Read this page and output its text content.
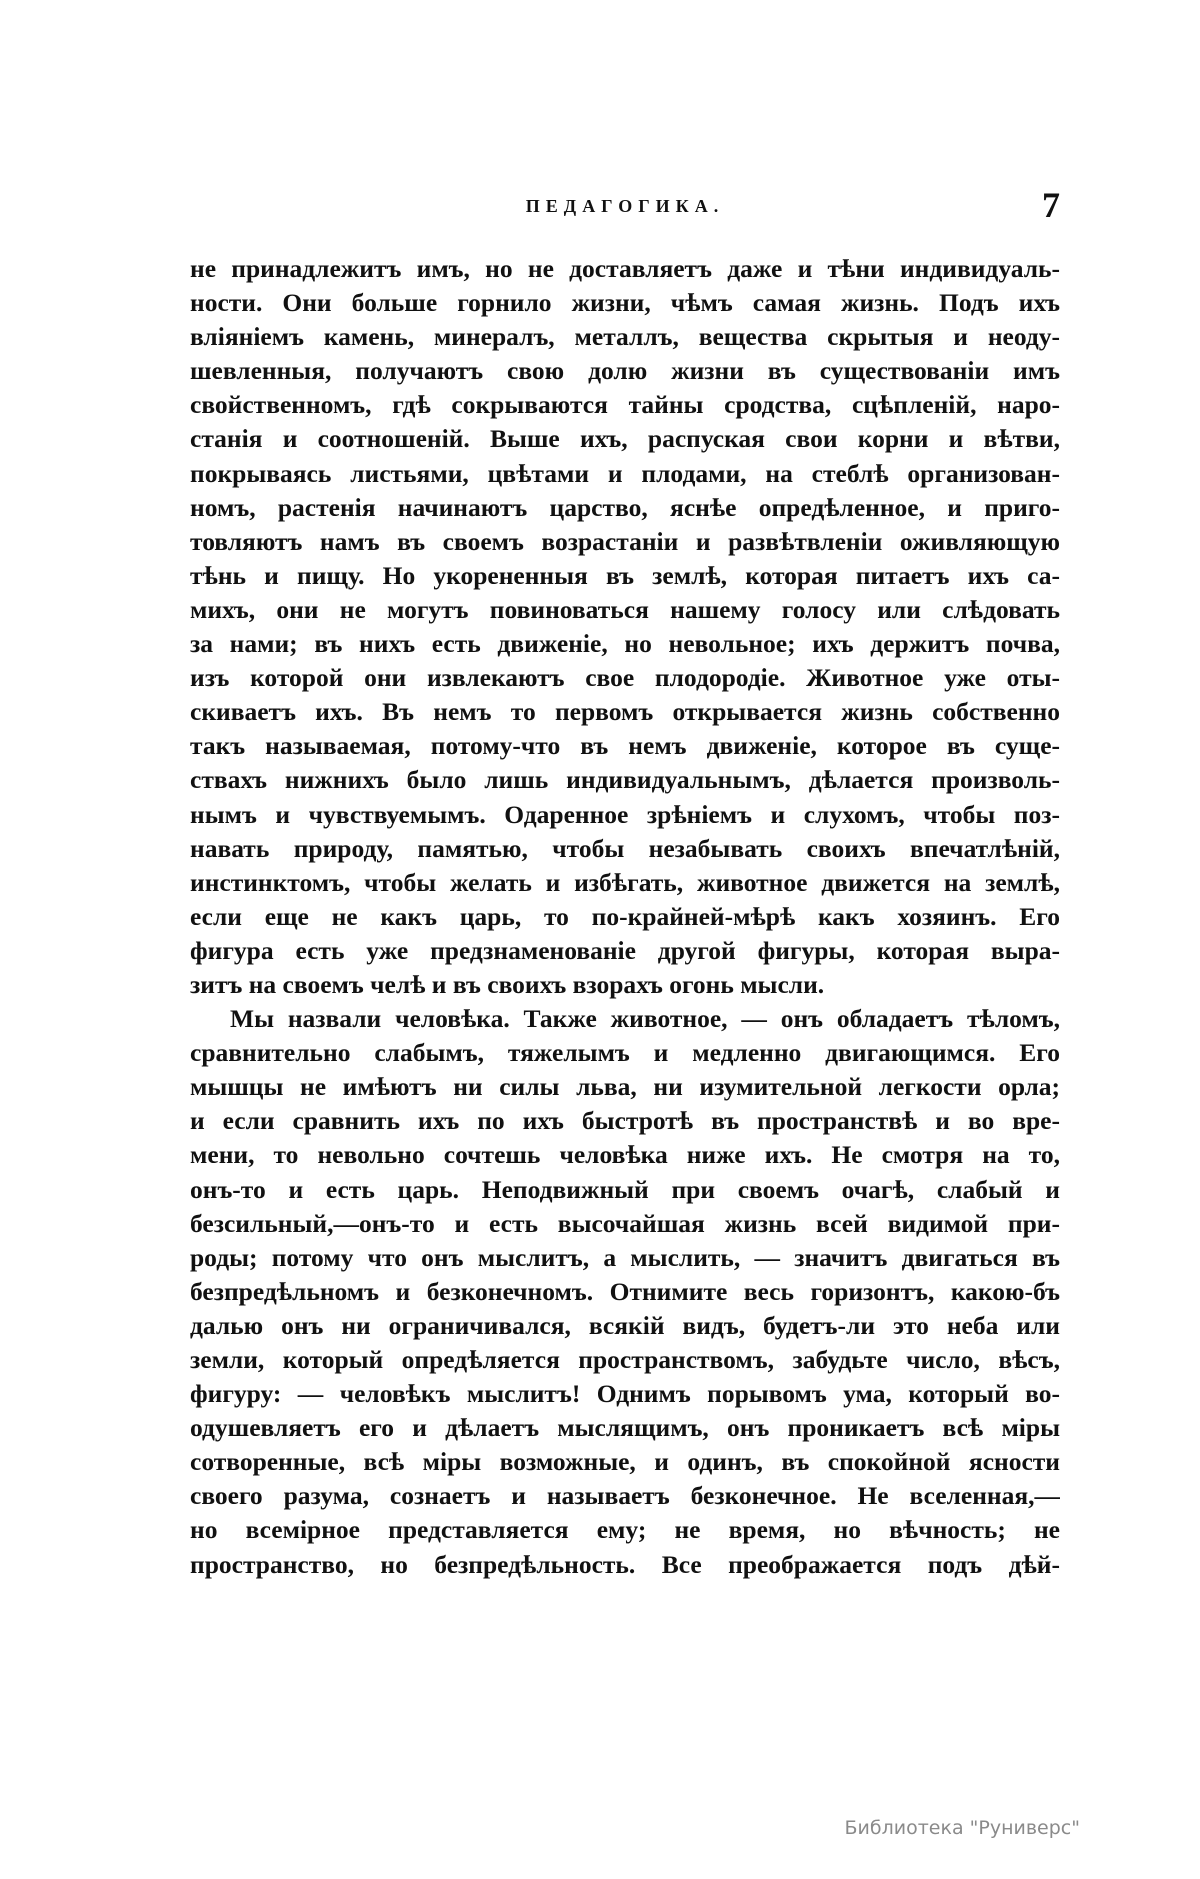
ПЕДАГОГИКА.	7
не принадлежитъ имъ, но не доставляетъ даже и тѣни индивидуаль-
ности. Они больше горнило жизни, чѣмъ самая жизнь. Подъ ихъ
вліяніемъ камень, минералъ, металлъ, вещества скрытыя и неоду-
шевленныя, получаютъ свою долю жизни въ существованіи имъ
свойственномъ, гдѣ сокрываются тайны сродства, сцѣпленій, наро-
станія и соотношеній. Выше ихъ, распуская свои корни и вѣтви,
покрываясь листьями, цвѣтами и плодами, на стеблѣ организован-
номъ, растенія начинаютъ царство, яснѣе опредѣленное, и приго-
товляютъ намъ въ своемъ возрастаніи и развѣтвленіи оживляющую
тѣнь и пищу. Но укорененныя въ землѣ, которая питаетъ ихъ са-
михъ, они не могутъ повиноваться нашему голосу или слѣдовать
за нами; въ нихъ есть движеніе, но невольное; ихъ держитъ почва,
изъ которой они извлекаютъ свое плодородіе. Животное уже оты-
скиваетъ ихъ. Въ немъ то первомъ открывается жизнь собственно
такъ называемая, потому-что въ немъ движеніе, которое въ суще-
ствахъ нижнихъ было лишь индивидуальнымъ, дѣлается произволь-
нымъ и чувствуемымъ. Одаренное зрѣніемъ и слухомъ, чтобы поз-
навать природу, памятью, чтобы незабывать своихъ впечатлѣній,
инстинктомъ, чтобы желать и избѣгать, животное движется на землѣ,
если еще не какъ царь, то по-крайней-мѣрѣ какъ хозяинъ. Его
фигура есть уже предзнаменованіе другой фигуры, которая выра-
зитъ на своемъ челѣ и въ своихъ взорахъ огонь мысли.
Мы назвали человѣка. Также животное, — онъ обладаетъ тѣломъ,
сравнительно слабымъ, тяжелымъ и медленно двигающимся. Его
мышцы не имѣютъ ни силы льва, ни изумительной легкости орла;
и если сравнить ихъ по ихъ быстротѣ въ пространствѣ и во вре-
мени, то невольно сочтешь человѣка ниже ихъ. Не смотря на то,
онъ-то и есть царь. Неподвижный при своемъ очагѣ, слабый и
безсильный,—онъ-то и есть высочайшая жизнь всей видимой при-
роды; потому что онъ мыслитъ, а мыслить, — значитъ двигаться въ
безпредѣльномъ и безконечномъ. Отнимите весь горизонтъ, какою-бъ
далью онъ ни ограничивался, всякій видъ, будетъ-ли это неба или
земли, который опредѣляется пространствомъ, забудьте число, вѣсъ,
фигуру: — человѣкъ мыслитъ! Однимъ порывомъ ума, который во-
одушевляетъ его и дѣлаетъ мыслящимъ, онъ проникаетъ всѣ міры
сотворенные, всѣ міры возможные, и одинъ, въ спокойной ясности
своего разума, сознаетъ и называетъ безконечное. Не вселенная,—
но всемірное представляется ему; не время, но вѣчность; не
пространство, но безпредѣльность. Все преображается подъ дѣй-
Библиотека "Руниверс"
